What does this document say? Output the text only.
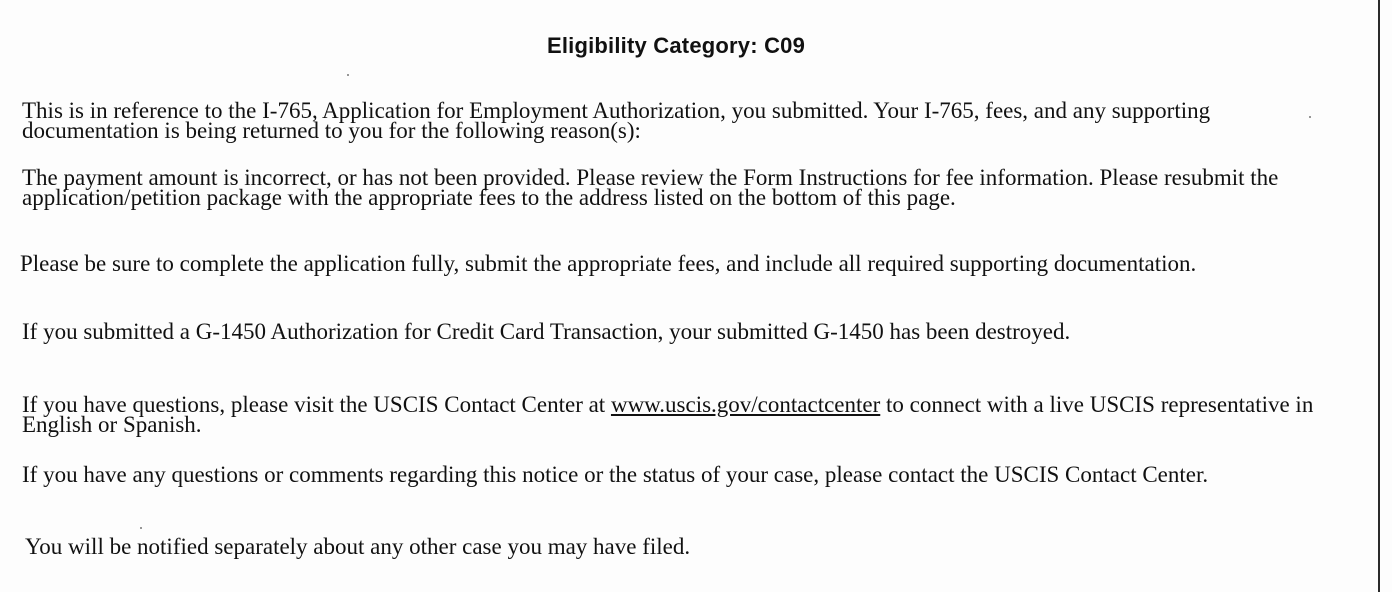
Eligibility Category: C09

This is in reference to the I-765, Application for Employment Authorization, you submitted. Your I-765, fees, and any supporting documentation is being returned to you for the following reason(s):

The payment amount is incorrect, or has not been provided. Please review the Form Instructions for fee information. Please resubmit the application/petition package with the appropriate fees to the address listed on the bottom of this page.

Please be sure to complete the application fully, submit the appropriate fees, and include all required supporting documentation.

If you submitted a G-1450 Authorization for Credit Card Transaction, your submitted G-1450 has been destroyed.

If you have questions, please visit the USCIS Contact Center at www.uscis.gov/contactcenter to connect with a live USCIS representative in English or Spanish.

If you have any questions or comments regarding this notice or the status of your case, please contact the USCIS Contact Center.

You will be notified separately about any other case you may have filed.
